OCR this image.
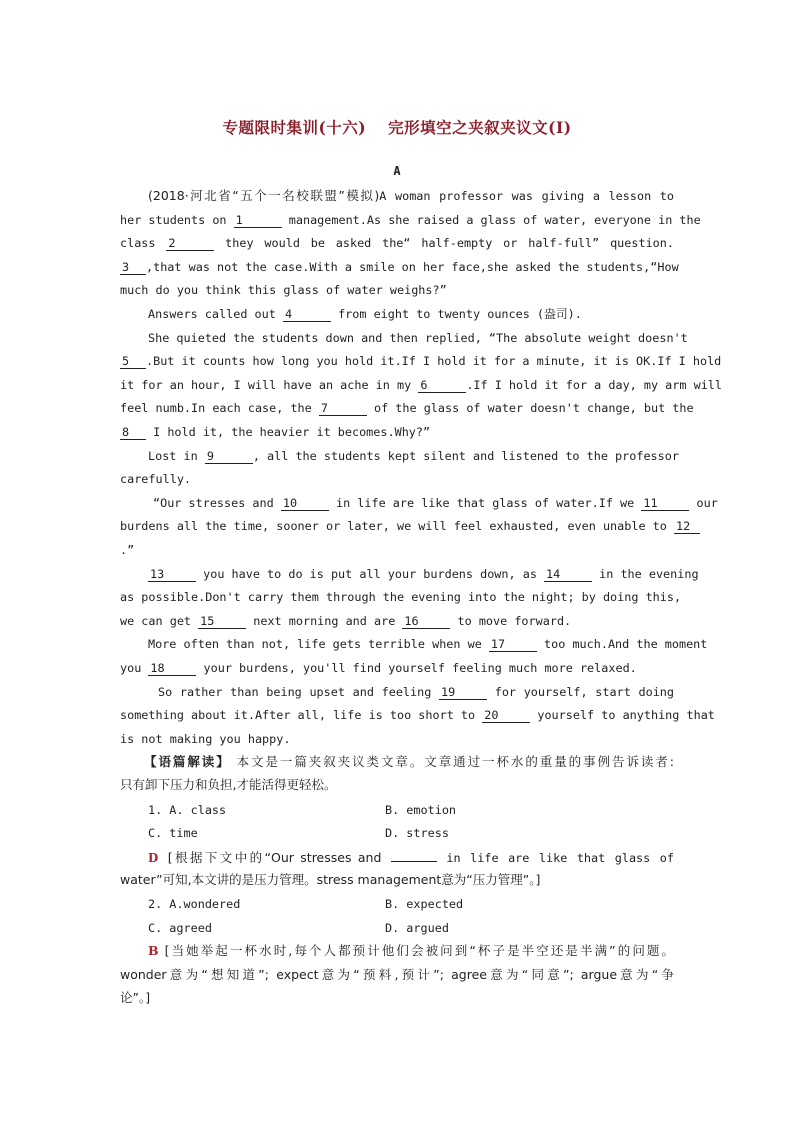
专题限时集训(十六) 完形填空之夹叙夹议文(Ⅰ)
A
(2018·河北省“五个一名校联盟”模拟)A woman professor was giving a lesson to
her students on 1	management.As she raised a glass of water, everyone in the
class 2	they would be asked the“ half-empty or half-full” question.
3 ,that was not the case.With a smile on her face,she asked the students,“How
much do you think this glass of water weighs?”
Answers called out 4	from eight to twenty ounces (盎司).
She quieted the students down and then replied, “The absolute weight doesn't
5 .But it counts how long you hold it.If I hold it for a minute, it is OK.If I hold
it for an hour, I will have an ache in my 6	.If I hold it for a day, my arm will
feel numb.In each case, the 7	of the glass of water doesn't change, but the
8 I hold it, the heavier it becomes.Why?”
Lost in 9	, all the students kept silent and listened to the professor
carefully.
“Our stresses and 10	in life are like that glass of water.If we 11	our
burdens all the time, sooner or later, we will feel exhausted, even unable to 12
.”
13	you have to do is put all your burdens down, as 14	in the evening
as possible.Don't carry them through the evening into the night; by doing this,
we can get 15	next morning and are 16	to move forward.
More often than not, life gets terrible when we 17	too much.And the moment
you 18	your burdens, you'll find yourself feeling much more relaxed.
So rather than being upset and feeling 19	for yourself, start doing
something about it.After all, life is too short to 20	yourself to anything that
is not making you happy.
【语篇解读】 本文是一篇夹叙夹议类文章。文章通过一杯水的重量的事例告诉读者:
只有卸下压力和负担,才能活得更轻松。
1. A. class	B. emotion
C. time	D. stress
D [根据下文中的“Our stresses and	in life are like that glass of
water”可知,本文讲的是压力管理。stress management意为“压力管理”。]
2. A.wondered	B. expected
C. agreed	D. argued
B [当她举起一杯水时,每个人都预计他们会被问到“杯子是半空还是半满”的问题。
wonder意为“想知道”; expect意为“预料,预计”; agree意为“同意”; argue意为“争
论”。]
